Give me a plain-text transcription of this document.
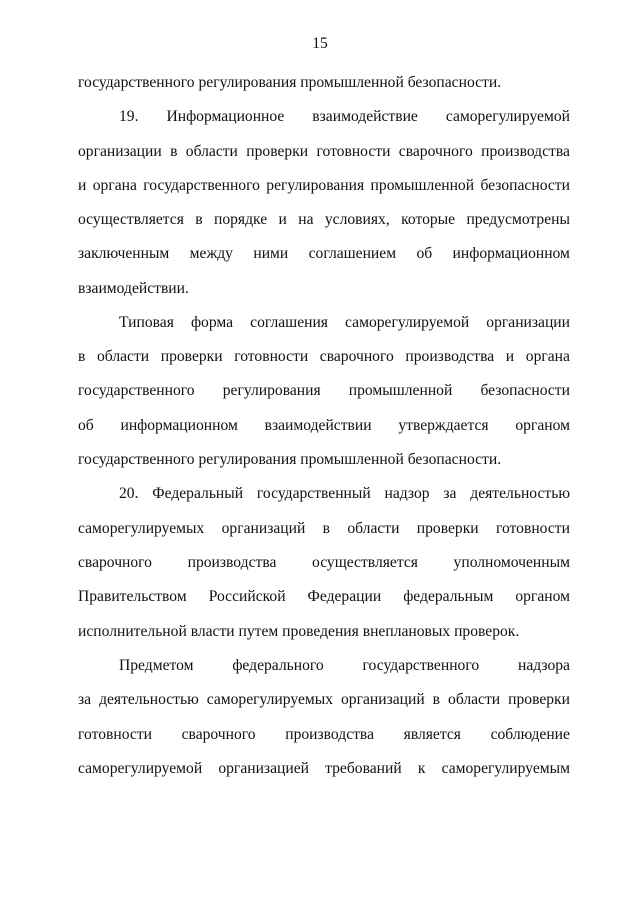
15
государственного регулирования промышленной безопасности.
19. Информационное взаимодействие саморегулируемой
организации в области проверки готовности сварочного производства
и органа государственного регулирования промышленной безопасности
осуществляется в порядке и на условиях, которые предусмотрены
заключенным между ними соглашением об информационном
взаимодействии.
Типовая форма соглашения саморегулируемой организации
в области проверки готовности сварочного производства и органа
государственного регулирования промышленной безопасности
об информационном взаимодействии утверждается органом
государственного регулирования промышленной безопасности.
20. Федеральный государственный надзор за деятельностью
саморегулируемых организаций в области проверки готовности
сварочного производства осуществляется уполномоченным
Правительством Российской Федерации федеральным органом
исполнительной власти путем проведения внеплановых проверок.
Предметом федерального государственного надзора
за деятельностью саморегулируемых организаций в области проверки
готовности сварочного производства является соблюдение
саморегулируемой организацией требований к саморегулируемым
